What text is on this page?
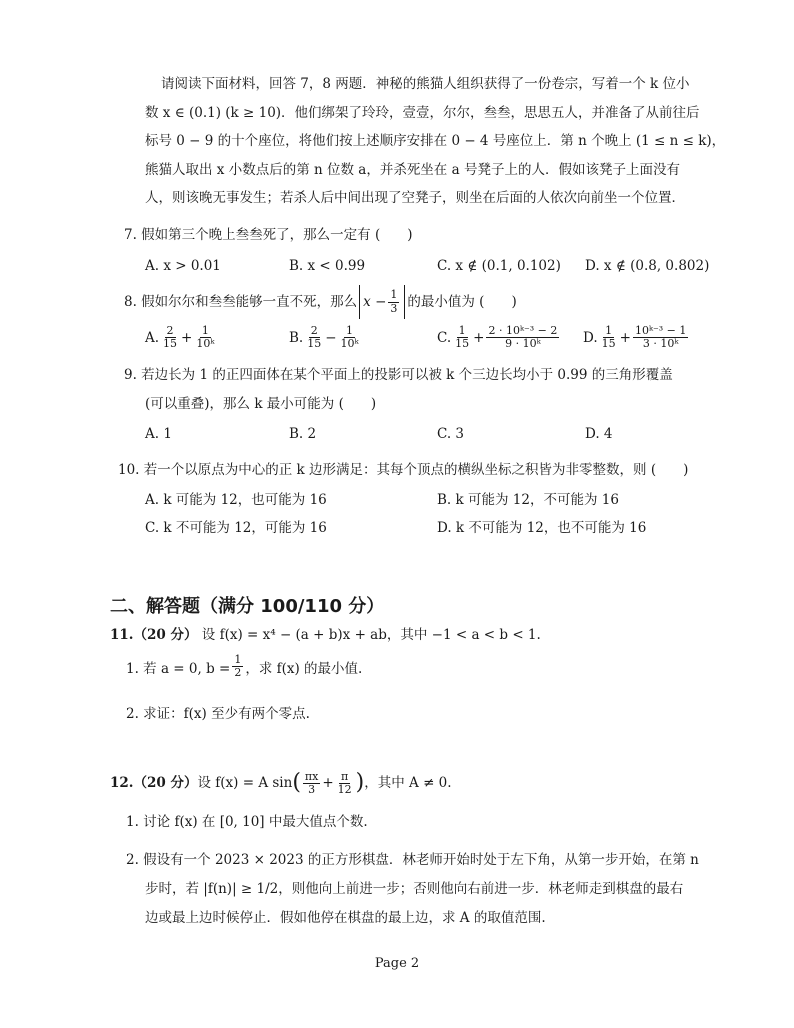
请阅读下面材料，回答 7，8 两题．神秘的熊猫人组织获得了一份卷宗，写着一个 k 位小
数 x ∈ (0.1) (k ≥ 10)．他们绑架了玲玲，壹壹，尔尔，叁叁，思思五人，并准备了从前往后
标号 0 − 9 的十个座位，将他们按上述顺序安排在 0 − 4 号座位上．第 n 个晚上 (1 ≤ n ≤ k)，
熊猫人取出 x 小数点后的第 n 位数 a，并杀死坐在 a 号凳子上的人．假如该凳子上面没有
人，则该晚无事发生；若杀人后中间出现了空凳子，则坐在后面的人依次向前坐一个位置．
7. 假如第三个晚上叁叁死了，那么一定有 (　　)
A. x > 0.01	B. x < 0.99	C. x ∉ (0.1, 0.102) D. x ∉ (0.8, 0.802)
8. 假如尔尔和叁叁能够一直不死，那么 $x - \frac{1}{3}$ 的最小值为 (　　)
A. $\frac{2}{15} + \frac{1}{\text{10ᵏ}}$	B. $\frac{2}{15} - \frac{1}{\text{10ᵏ}}$	C. $\frac{1}{15} + \frac{\text{2 · 10ᵏ⁻³ − 2}}{\text{9 · 10ᵏ}} D$. $\frac{1}{15} + \frac{\text{10ᵏ⁻³ − 1}}{\text{3 · 10ᵏ}}$
9. 若边长为 1 的正四面体在某个平面上的投影可以被 k 个三边长均小于 0.99 的三角形覆盖
(可以重叠)，那么 k 最小可能为 (　　)
A. 1	B. 2	C. 3	D. 4
10. 若一个以原点为中心的正 k 边形满足：其每个顶点的横纵坐标之积皆为非零整数，则 (　　)
A. k 可能为 12，也可能为 16	B. k 可能为 12，不可能为 16
C. k 不可能为 12，可能为 16	D. k 不可能为 12，也不可能为 16
二、解答题（满分 100/110 分）
11.（20 分） 设 f(x) = x⁴ − (a + b)x + ab，其中 −1 < a < b < 1.
1. 若 a = 0, $b = \frac{1}{2}$ ，求 f(x) 的最小值.
2. 求证：f(x) 至少有两个零点.
12. （20 分） 设 f(x) = A sin ( $\frac{\pi x}{3} + \frac{\pi}{12}$ ) ，其中 A ≠ 0.
1. 讨论 f(x) 在 [0, 10] 中最大值点个数.
2. 假设有一个 2023 × 2023 的正方形棋盘．林老师开始时处于左下角，从第一步开始，在第 n
步时，若 |f(n)| ≥ 1/2，则他向上前进一步；否则他向右前进一步．林老师走到棋盘的最右
边或最上边时候停止．假如他停在棋盘的最上边，求 A 的取值范围.
Page 2
